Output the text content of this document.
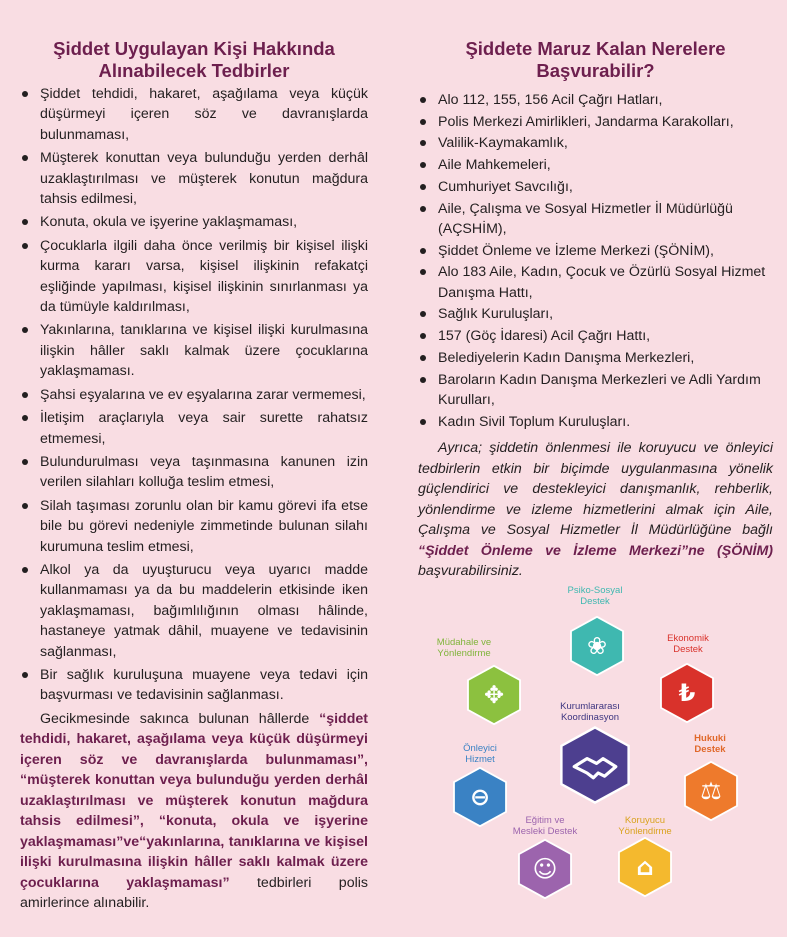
Şiddet Uygulayan Kişi Hakkında
Alınabilecek Tedbirler
Şiddet tehdidi, hakaret, aşağılama veya küçük düşürmeyi içeren söz ve davranışlarda bulunmaması,
Müşterek konuttan veya bulunduğu yerden derhâl uzaklaştırılması ve müşterek konutun mağdura tahsis edilmesi,
Konuta, okula ve işyerine yaklaşmaması,
Çocuklarla ilgili daha önce verilmiş bir kişisel ilişki kurma kararı varsa, kişisel ilişkinin refakatçi eşliğinde yapılması, kişisel ilişkinin sınırlanması ya da tümüyle kaldırılması,
Yakınlarına, tanıklarına ve kişisel ilişki kurulmasına ilişkin hâller saklı kalmak üzere çocuklarına yaklaşmaması.
Şahsi eşyalarına ve ev eşyalarına zarar vermemesi,
İletişim araçlarıyla veya sair surette rahatsız etmemesi,
Bulundurulması veya taşınmasına kanunen izin verilen silahları kolluğa teslim etmesi,
Silah taşıması zorunlu olan bir kamu görevi ifa etse bile bu görevi nedeniyle zimmetinde bulunan silahı kurumuna teslim etmesi,
Alkol ya da uyuşturucu veya uyarıcı madde kullanmaması ya da bu maddelerin etkisinde iken yaklaşmaması, bağımlılığının olması hâlinde, hastaneye yatmak dâhil, muayene ve tedavisinin sağlanması,
Bir sağlık kuruluşuna muayene veya tedavi için başvurması ve tedavisinin sağlanması.

Gecikmesinde sakınca bulunan hâllerde “şiddet tehdidi, hakaret, aşağılama veya küçük düşürmeyi içeren söz ve davranışlarda bulunmaması”, “müşterek konuttan veya bulunduğu yerden derhâl uzaklaştırılması ve müşterek konutun mağdura tahsis edilmesi”, “konuta, okula ve işyerine yaklaşmaması”ve“yakınlarına, tanıklarına ve kişisel ilişki kurulmasına ilişkin hâller saklı kalmak üzere çocuklarına yaklaşmaması” tedbirleri polis amirlerince alınabilir.

Şiddete Maruz Kalan Nerelere
Başvurabilir?
Alo 112, 155, 156 Acil Çağrı Hatları,
Polis Merkezi Amirlikleri, Jandarma Karakolları,
Valilik-Kaymakamlık,
Aile Mahkemeleri,
Cumhuriyet Savcılığı,
Aile, Çalışma ve Sosyal Hizmetler İl Müdürlüğü (AÇSHİM),
Şiddet Önleme ve İzleme Merkezi (ŞÖNİM),
Alo 183 Aile, Kadın, Çocuk ve Özürlü Sosyal Hizmet Danışma Hattı,
Sağlık Kuruluşları,
157 (Göç İdaresi) Acil Çağrı Hattı,
Belediyelerin Kadın Danışma Merkezleri,
Baroların Kadın Danışma Merkezleri ve Adli Yardım Kurulları,
Kadın Sivil Toplum Kuruluşları.

Ayrıca; şiddetin önlenmesi ile koruyucu ve önleyici tedbirlerin etkin bir biçimde uygulanmasına yönelik güçlendirici ve destekleyici danışmanlık, rehberlik, yönlendirme ve izleme hizmetlerini almak için Aile, Çalışma ve Sosyal Hizmetler İl Müdürlüğüne bağlı “Şiddet Önleme ve İzleme Merkezi”ne (ŞÖNİM) başvurabilirsiniz.

Kurumlararası
Koordinasyon
Psiko-Sosyal
Destek
❀	Ekonomik
Destek
₺
Hukuki
Destek
⚖
Koruyucu
Yönlendirme
⌂
Eğitim ve
Mesleki Destek
☺
Önleyici
Hizmet
⊖
Müdahale ve
Yönlendirme
✥
